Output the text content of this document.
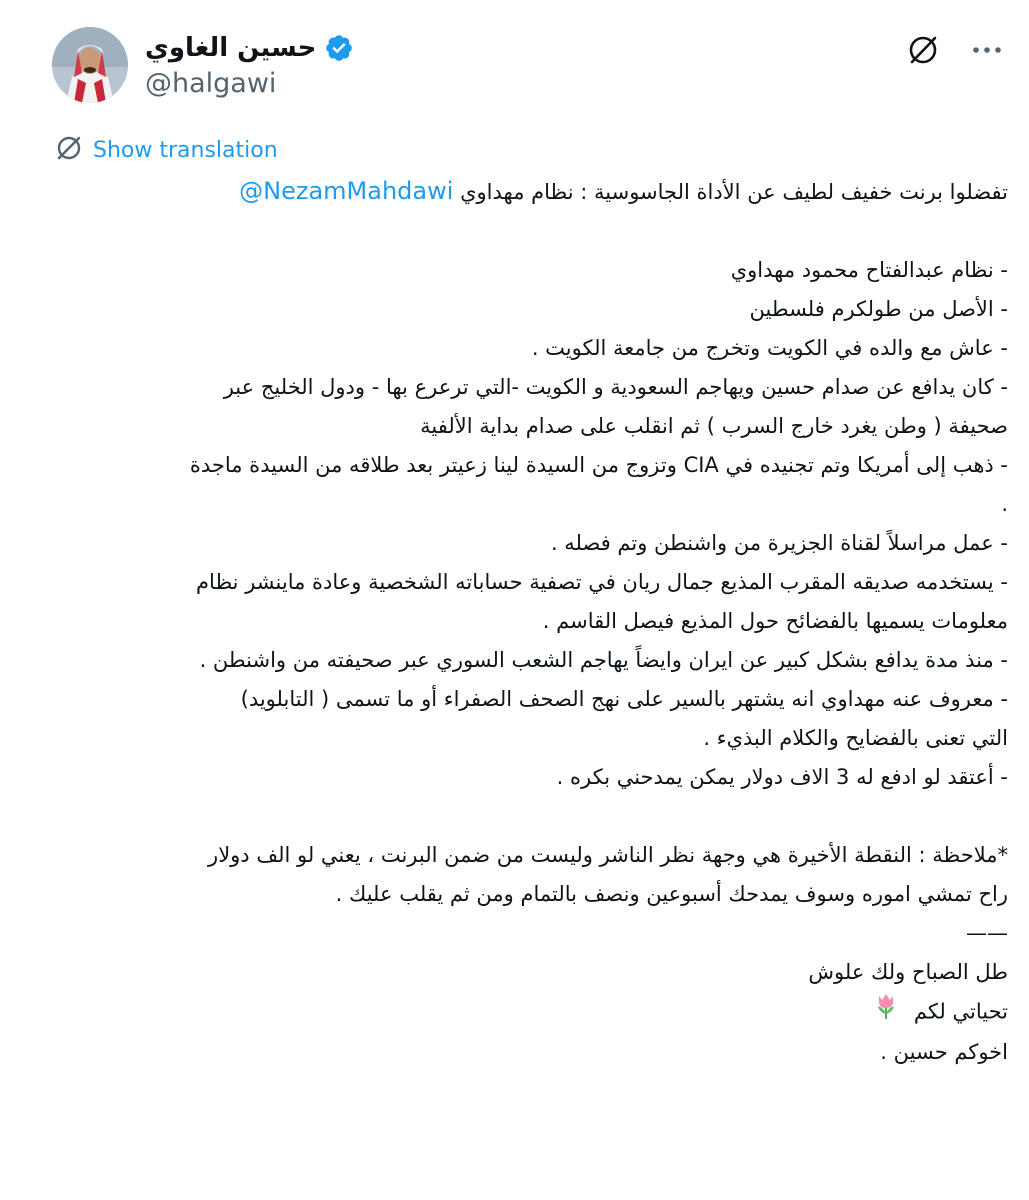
حسين الغاوي
@halgawi
Show translation
تفضلوا برنت خفيف لطيف عن الأداة الجاسوسية : نظام مهداوي @NezamMahdawi
- نظام عبدالفتاح محمود مهداوي
- الأصل من طولكرم فلسطين
- عاش مع والده في الكويت وتخرج من جامعة الكويت .
- كان يدافع عن صدام حسين ويهاجم السعودية و الكويت -التي ترعرع بها - ودول الخليج عبر
صحيفة ( وطن يغرد خارج السرب ) ثم انقلب على صدام بداية الألفية
- ذهب إلى أمريكا وتم تجنيده في CIA وتزوج من السيدة لينا زعيتر بعد طلاقه من السيدة ماجدة
.
- عمل مراسلاً لقناة الجزيرة من واشنطن وتم فصله .
- يستخدمه صديقه المقرب المذيع جمال ريان في تصفية حساباته الشخصية وعادة ماينشر نظام
معلومات يسميها بالفضائح حول المذيع فيصل القاسم .
- منذ مدة يدافع بشكل كبير عن ايران وايضاً يهاجم الشعب السوري عبر صحيفته من واشنطن .
- معروف عنه مهداوي انه يشتهر بالسير على نهج الصحف الصفراء أو ما تسمى ( التابلويد)
التي تعنى بالفضايح والكلام البذيء .
- أعتقد لو ادفع له 3 الاف دولار يمكن يمدحني بكره .
*ملاحظة : النقطة الأخيرة هي وجهة نظر الناشر وليست من ضمن البرنت ، يعني لو الف دولار
راح تمشي اموره وسوف يمدحك أسبوعين ونصف بالتمام ومن ثم يقلب عليك .
——
طل الصباح ولك علوش
تحياتي لكم
اخوكم حسين .
